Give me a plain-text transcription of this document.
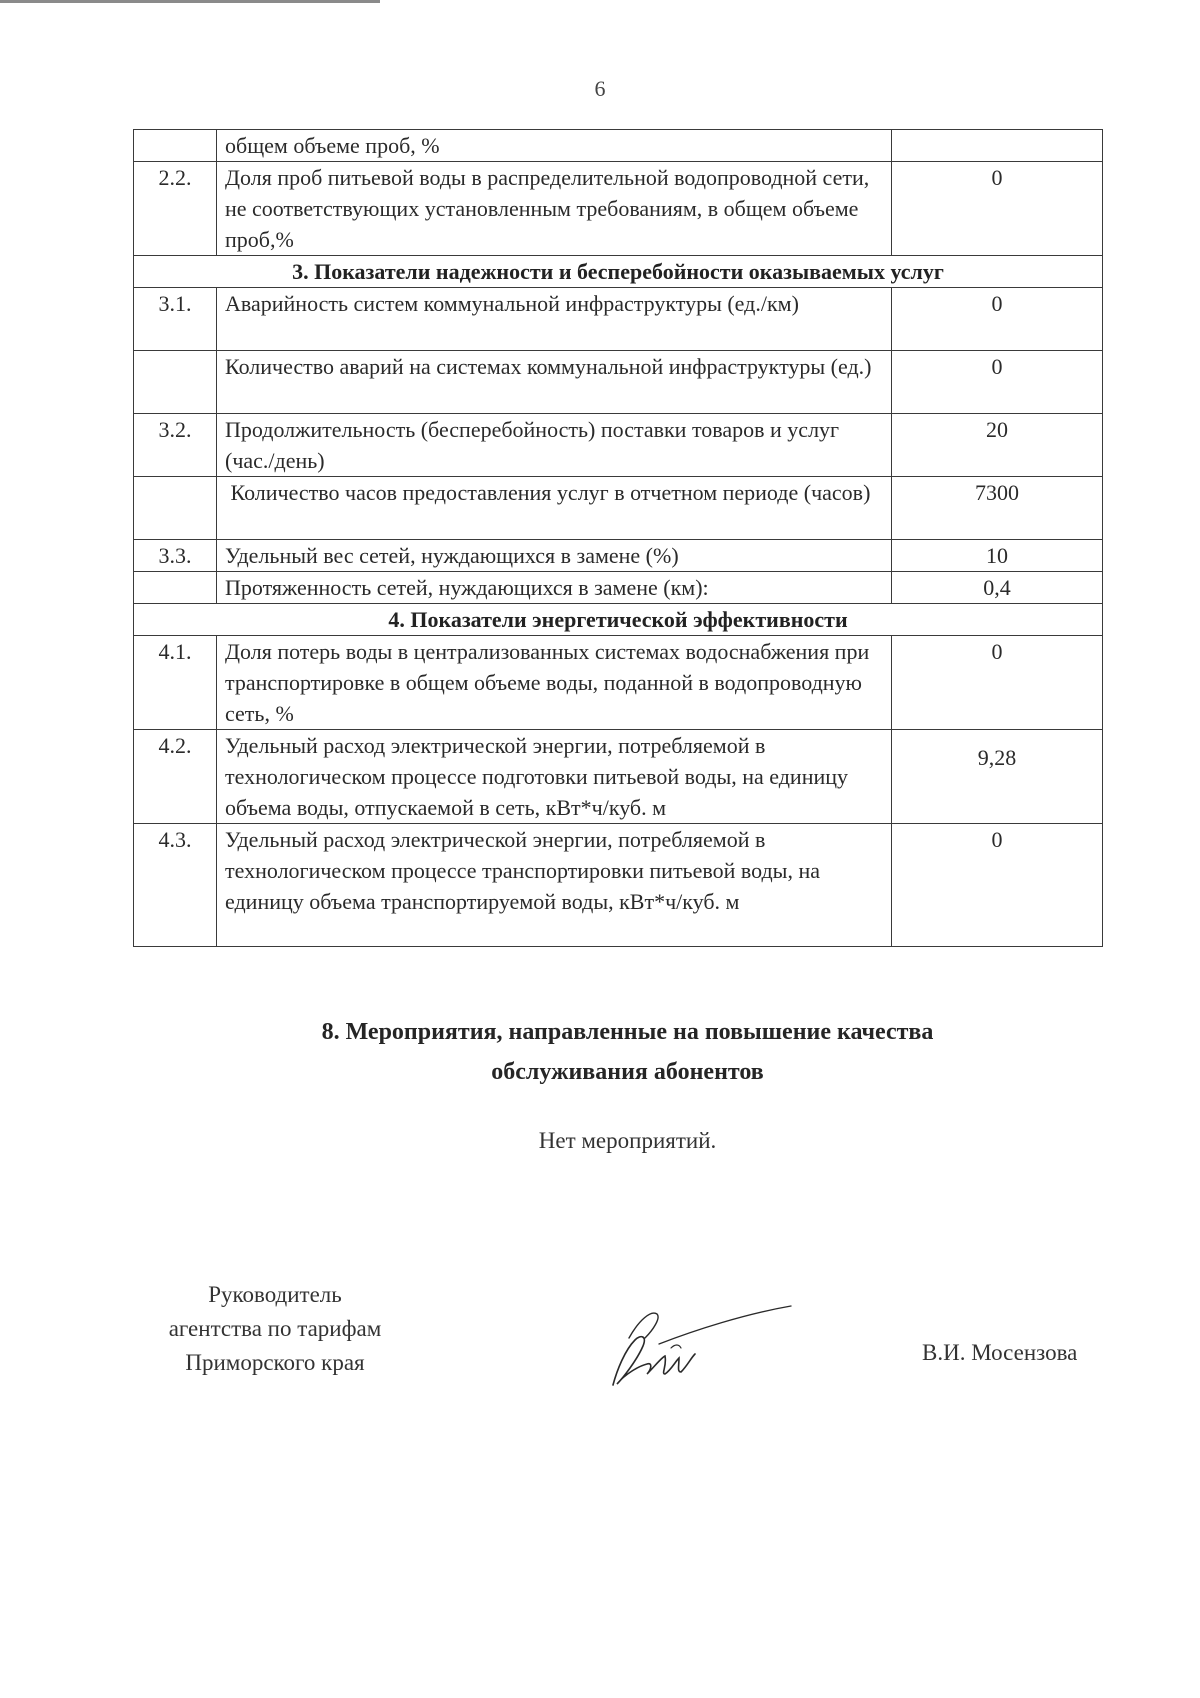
6
	общем объеме проб, %	
2.2.	Доля проб питьевой воды в распределительной водопроводной сети, не соответствующих установленным требованиям, в общем объеме проб,%	0
3. Показатели надежности и бесперебойности оказываемых услуг		
3.1.	Аварийность систем коммунальной инфраструктуры (ед./км)	0
	Количество аварий на системах коммунальной инфраструктуры (ед.)	0
3.2.	Продолжительность (бесперебойность) поставки товаров и услуг (час./день)	20
	Количество часов предоставления услуг в отчетном периоде (часов)	7300
3.3.	Удельный вес сетей, нуждающихся в замене (%)	10
	Протяженность сетей, нуждающихся в замене (км):	0,4
4. Показатели энергетической эффективности		
4.1.	Доля потерь воды в централизованных системах водоснабжения при транспортировке в общем объеме воды, поданной в водопроводную сеть, %	0
4.2.	Удельный расход электрической энергии, потребляемой в технологическом процессе подготовки питьевой воды, на единицу объема воды, отпускаемой в сеть, кВт*ч/куб. м	9,28
4.3.	Удельный расход электрической энергии, потребляемой в технологическом процессе транспортировки питьевой воды, на единицу объема транспортируемой воды, кВт*ч/куб. м	0
8. Мероприятия, направленные на повышение качества
обслуживания абонентов
Нет мероприятий.
Руководитель
агентства по тарифам
Приморского края	В.И. Мосензова
